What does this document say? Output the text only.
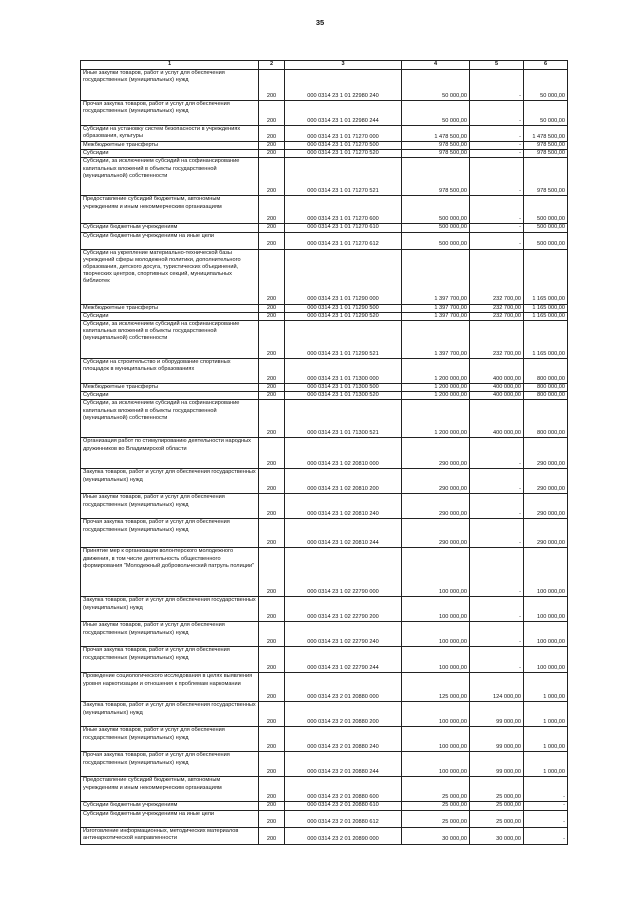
35
1	2	3	4	5	6
Иные закупки товаров, работ и услуг для обеспечения государственных (муниципальных) нужд	200	000 0314 23 1 01 22980 240	50 000,00	-	50 000,00
Прочая закупка товаров, работ и услуг для обеспечения государственных (муниципальных) нужд	200	000 0314 23 1 01 22980 244	50 000,00	-	50 000,00
Субсидии на установку систем безопасности в учреждениях образования, культуры	200	000 0314 23 1 01 71270 000	1 478 500,00	-	1 478 500,00
Межбюджетные трансферты	200	000 0314 23 1 01 71270 500	978 500,00	-	978 500,00
Субсидии	200	000 0314 23 1 01 71270 520	978 500,00	-	978 500,00
Субсидии, за исключением субсидий на софинансирование капитальных вложений в объекты государственной (муниципальной) собственности	200	000 0314 23 1 01 71270 521	978 500,00	-	978 500,00
Предоставление субсидий бюджетным, автономным учреждениям и иным некоммерческим организациям	200	000 0314 23 1 01 71270 600	500 000,00	-	500 000,00
Субсидии бюджетным учреждениям	200	000 0314 23 1 01 71270 610	500 000,00	-	500 000,00
Субсидии бюджетным учреждениям на иные цели	200	000 0314 23 1 01 71270 612	500 000,00	-	500 000,00
Субсидии на укрепление материально-технической базы учреждений сферы молодежной политики, дополнительного образования, детского досуга, туристических объединений, творческих центров, спортивных секций, муниципальных библиотек	200	000 0314 23 1 01 71290 000	1 397 700,00	232 700,00	1 165 000,00
Межбюджетные трансферты	200	000 0314 23 1 01 71290 500	1 397 700,00	232 700,00	1 165 000,00
Субсидии	200	000 0314 23 1 01 71290 520	1 397 700,00	232 700,00	1 165 000,00
Субсидии, за исключением субсидий на софинансирование капитальных вложений в объекты государственной (муниципальной) собственности	200	000 0314 23 1 01 71290 521	1 397 700,00	232 700,00	1 165 000,00
Субсидии на строительство и оборудование спортивных площадок в муниципальных образованиях	200	000 0314 23 1 01 71300 000	1 200 000,00	400 000,00	800 000,00
Межбюджетные трансферты	200	000 0314 23 1 01 71300 500	1 200 000,00	400 000,00	800 000,00
Субсидии	200	000 0314 23 1 01 71300 520	1 200 000,00	400 000,00	800 000,00
Субсидии, за исключением субсидий на софинансирование капитальных вложений в объекты государственной (муниципальной) собственности	200	000 0314 23 1 01 71300 521	1 200 000,00	400 000,00	800 000,00
Организация работ по стимулированию деятельности народных дружинников во Владимирской области	200	000 0314 23 1 02 20810 000	290 000,00	-	290 000,00
Закупка товаров, работ и услуг для обеспечения государственных (муниципальных) нужд	200	000 0314 23 1 02 20810 200	290 000,00	-	290 000,00
Иные закупки товаров, работ и услуг для обеспечения государственных (муниципальных) нужд	200	000 0314 23 1 02 20810 240	290 000,00	-	290 000,00
Прочая закупка товаров, работ и услуг для обеспечения государственных (муниципальных) нужд	200	000 0314 23 1 02 20810 244	290 000,00	-	290 000,00
Принятие мер к организации волонтерского молодежного движения, в том числе деятельность общественного формирования "Молодежный добровольческий патруль полиции"	200	000 0314 23 1 02 22790 000	100 000,00	-	100 000,00
Закупка товаров, работ и услуг для обеспечения государственных (муниципальных) нужд	200	000 0314 23 1 02 22790 200	100 000,00	-	100 000,00
Иные закупки товаров, работ и услуг для обеспечения государственных (муниципальных) нужд	200	000 0314 23 1 02 22790 240	100 000,00	-	100 000,00
Прочая закупка товаров, работ и услуг для обеспечения государственных (муниципальных) нужд	200	000 0314 23 1 02 22790 244	100 000,00	-	100 000,00
Проведение социологического исследования в целях выявления уровня наркотизации и отношения к проблемам наркомании	200	000 0314 23 2 01 20880 000	125 000,00	124 000,00	1 000,00
Закупка товаров, работ и услуг для обеспечения государственных (муниципальных) нужд	200	000 0314 23 2 01 20880 200	100 000,00	99 000,00	1 000,00
Иные закупки товаров, работ и услуг для обеспечения государственных (муниципальных) нужд	200	000 0314 23 2 01 20880 240	100 000,00	99 000,00	1 000,00
Прочая закупка товаров, работ и услуг для обеспечения государственных (муниципальных) нужд	200	000 0314 23 2 01 20880 244	100 000,00	99 000,00	1 000,00
Предоставление субсидий бюджетным, автономным учреждениям и иным некоммерческим организациям	200	000 0314 23 2 01 20880 600	25 000,00	25 000,00	-
Субсидии бюджетным учреждениям	200	000 0314 23 2 01 20880 610	25 000,00	25 000,00	-
Субсидии бюджетным учреждениям на иные цели	200	000 0314 23 2 01 20880 612	25 000,00	25 000,00	-
Изготовление информационных, методических материалов антинаркотической направленности	200	000 0314 23 2 01 20890 000	30 000,00	30 000,00	-
